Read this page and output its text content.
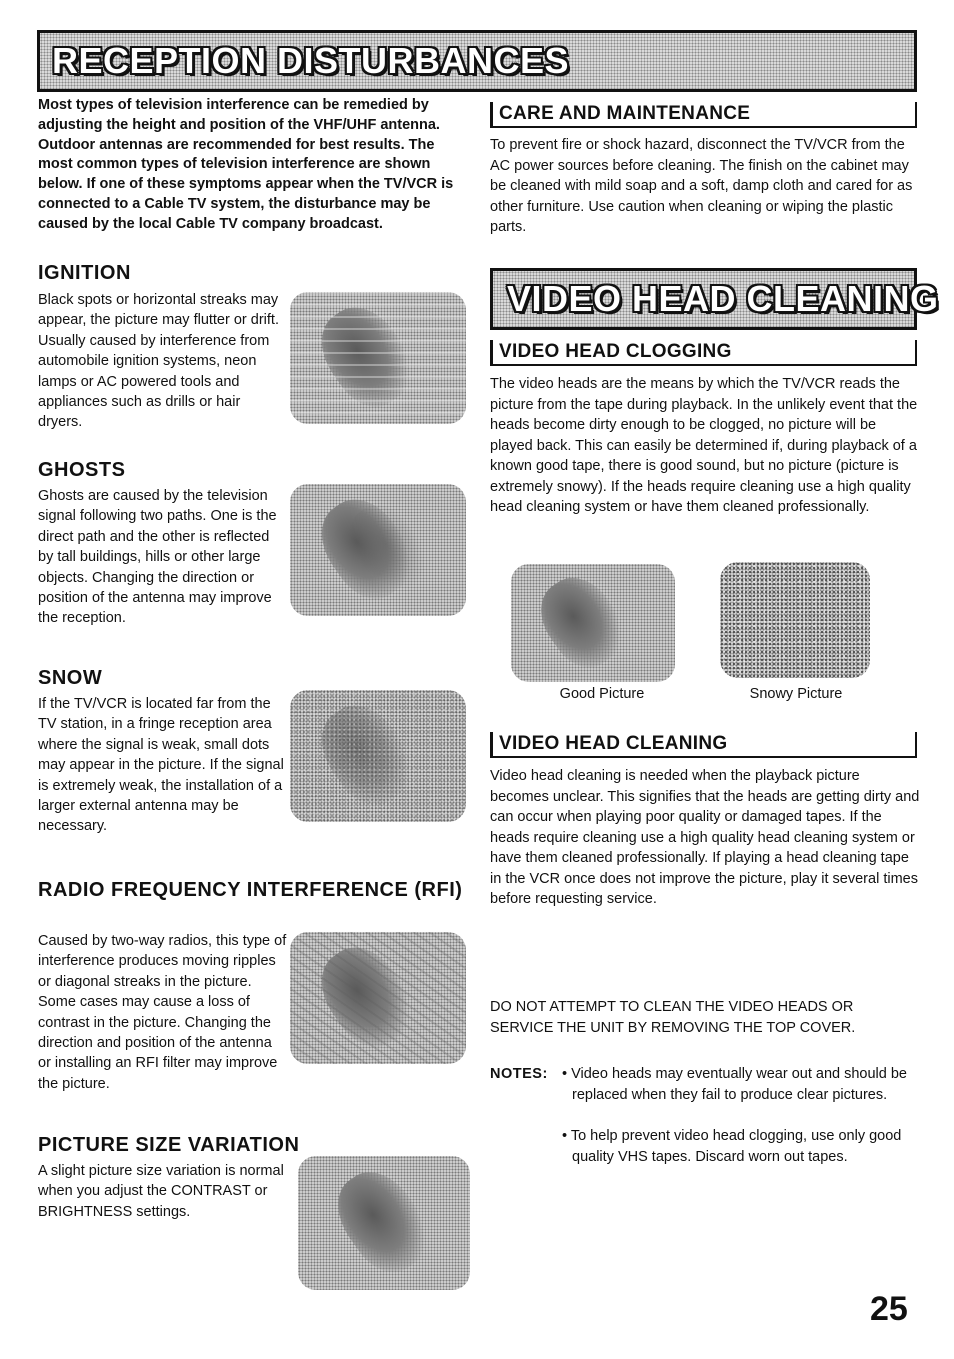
RECEPTION DISTURBANCES
Most types of television interference can be remedied by adjusting the height and position of the VHF/UHF antenna. Outdoor antennas are recommended for best results. The most common types of television interference are shown below. If one of these symptoms appear when the TV/VCR is connected to a Cable TV system, the disturbance may be caused by the local Cable TV company broadcast.
IGNITION
Black spots or horizontal streaks may appear, the picture may flutter or drift. Usually caused by interference from automobile ignition systems, neon lamps or AC powered tools and appliances such as drills or hair dryers.
GHOSTS
Ghosts are caused by the television signal following two paths. One is the direct path and the other is reflected by tall buildings, hills or other large objects. Changing the direction or position of the antenna may improve the reception.
SNOW
If the TV/VCR is located far from the TV station, in a fringe reception area where the signal is weak, small dots may appear in the picture. If the signal is extremely weak, the installation of a larger external antenna may be necessary.
RADIO FREQUENCY INTERFERENCE (RFI)
Caused by two-way radios, this type of interference produces moving ripples or diagonal streaks in the picture. Some cases may cause a loss of contrast in the picture. Changing the direction and position of the antenna or installing an RFI filter may improve the picture.
PICTURE SIZE VARIATION
A slight picture size variation is normal when you adjust the CONTRAST or BRIGHTNESS settings.
CARE AND MAINTENANCE
To prevent fire or shock hazard, disconnect the TV/VCR from the AC power sources before cleaning. The finish on the cabinet may be cleaned with mild soap and a soft, damp cloth and cared for as other furniture. Use caution when cleaning or wiping the plastic parts.
VIDEO HEAD CLEANING
VIDEO HEAD CLOGGING
The video heads are the means by which the TV/VCR reads the picture from the tape during playback. In the unlikely event that the heads become dirty enough to be clogged, no picture will be played back. This can easily be determined if, during playback of a known good tape, there is good sound, but no picture (picture is extremely snowy). If the heads require cleaning use a high quality head cleaning system or have them cleaned professionally.
Good Picture	Snowy Picture
VIDEO HEAD CLEANING
Video head cleaning is needed when the playback picture becomes unclear. This signifies that the heads are getting dirty and can occur when playing poor quality or damaged tapes. If the heads require cleaning use a high quality head cleaning system or have them cleaned professionally. If playing a head cleaning tape in the VCR once does not improve the picture, play it several times before requesting service.
DO NOT ATTEMPT TO CLEAN THE VIDEO HEADS OR SERVICE THE UNIT BY REMOVING THE TOP COVER.
NOTES: • Video heads may eventually wear out and should be replaced when they fail to produce clear pictures.
• To help prevent video head clogging, use only good quality VHS tapes. Discard worn out tapes.
25
